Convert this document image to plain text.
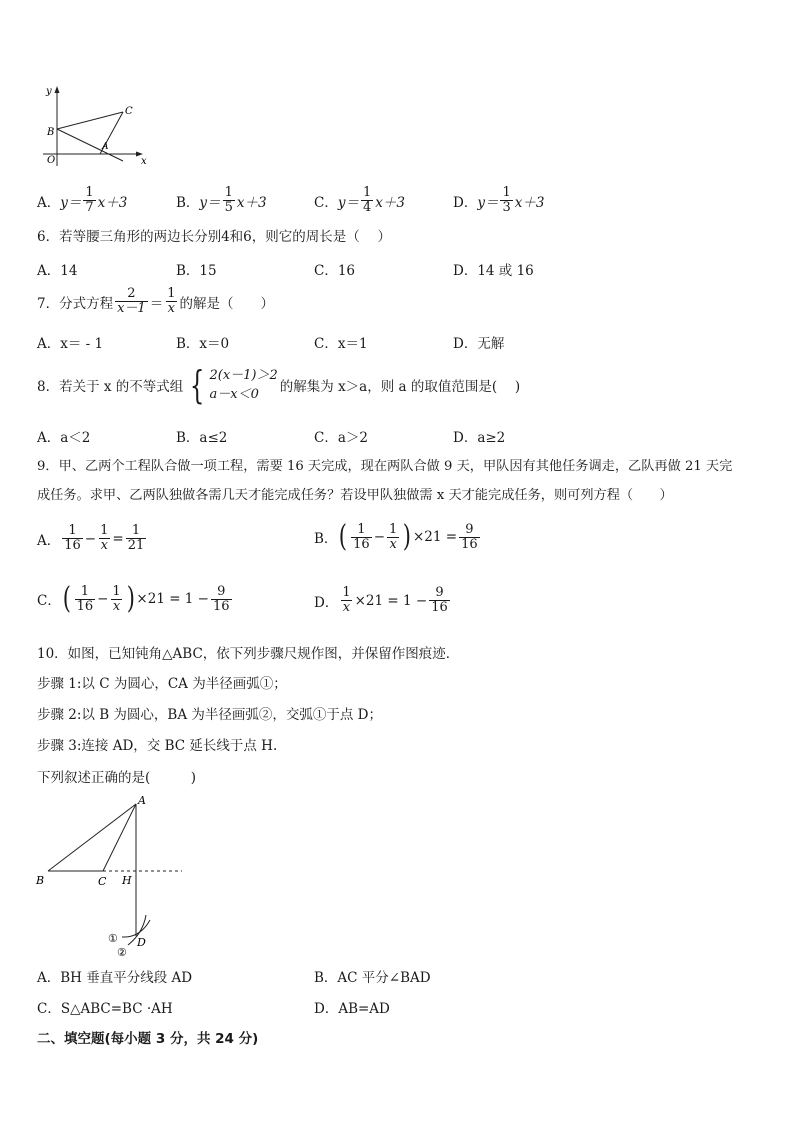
y
x
O
B
C
A
A． $y= \frac{1}{7} x+3$	B． $y= \frac{1}{5} x+3$	C． $y= \frac{1}{4} x+3$	D． $y= \frac{1}{3} x+3$
6．若等腰三角形的两边长分别4和6，则它的周长是（　 ）
A．14	B．15	C．16	D．14 或 16
7．分式方程 $\frac{2}{x-1} = \frac{1}{x}$ 的解是（　　）
A．x＝ - 1	B．x＝0	C．x＝1	D．无解
8．若关于 x 的不等式组 { 2(x－1)＞2
a－x＜0	的解集为 x＞a，则 a 的取值范围是(　 )
A．a＜2	B．a≤2	C．a＞2	D．a≥2
9．甲、乙两个工程队合做一项工程，需要 16 天完成，现在两队合做 9 天，甲队因有其他任务调走，乙队再做 21 天完
成任务。求甲、乙两队独做各需几天才能完成任务？若设甲队独做需 x 天才能完成任务，则可列方程（　　）
A． $\frac{1}{16} - \frac{1}{x} = \frac{1}{21}$	B． ( $\frac{1}{16} - \frac{1}{x}$ ) $\times 21 = \frac{9}{16}$
C． ( $\frac{1}{16} - \frac{1}{x}$ ) $\times 21 = 1 - \frac{9}{16}$	D． $\frac{1}{x} \times 21 = 1 - \frac{9}{16}$
10．如图，已知钝角△ABC，依下列步骤尺规作图，并保留作图痕迹．
步骤 1:以 C 为圆心，CA 为半径画弧①；
步骤 2:以 B 为圆心，BA 为半径画弧②，交弧①于点 D；
步骤 3:连接 AD，交 BC 延长线于点 H.
下列叙述正确的是(　　　)
A
B	C H
D
①
②
A．BH 垂直平分线段 AD	B．AC 平分∠BAD
C．S△ABC=BC ·AH	D．AB=AD
二、填空题(每小题 3 分，共 24 分)
